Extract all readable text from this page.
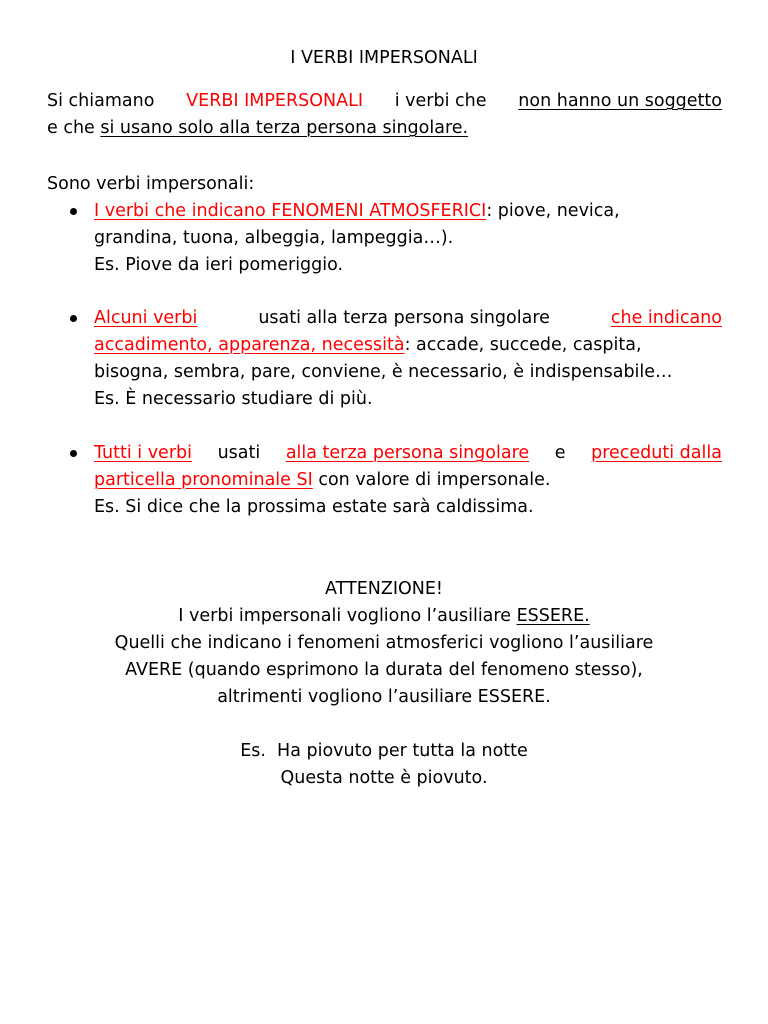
I VERBI IMPERSONALI
Si chiamano VERBI IMPERSONALI i verbi che non hanno un soggetto
e che si usano solo alla terza persona singolare.
Sono verbi impersonali:
I verbi che indicano FENOMENI ATMOSFERICI: piove, nevica,
grandina, tuona, albeggia, lampeggia…).
Es. Piove da ieri pomeriggio.
Alcuni verbi	usati alla terza persona singolare	che indicano
accadimento, apparenza, necessità: accade, succede, caspita,
bisogna, sembra, pare, conviene, è necessario, è indispensabile…
Es. È necessario studiare di più.
Tutti i verbi usati alla terza persona singolare e preceduti dalla
particella pronominale SI con valore di impersonale.
Es. Si dice che la prossima estate sarà caldissima.
ATTENZIONE!
I verbi impersonali vogliono l’ausiliare ESSERE.
Quelli che indicano i fenomeni atmosferici vogliono l’ausiliare
AVERE (quando esprimono la durata del fenomeno stesso),
altrimenti vogliono l’ausiliare ESSERE.
Es.  Ha piovuto per tutta la notte
Questa notte è piovuto.
